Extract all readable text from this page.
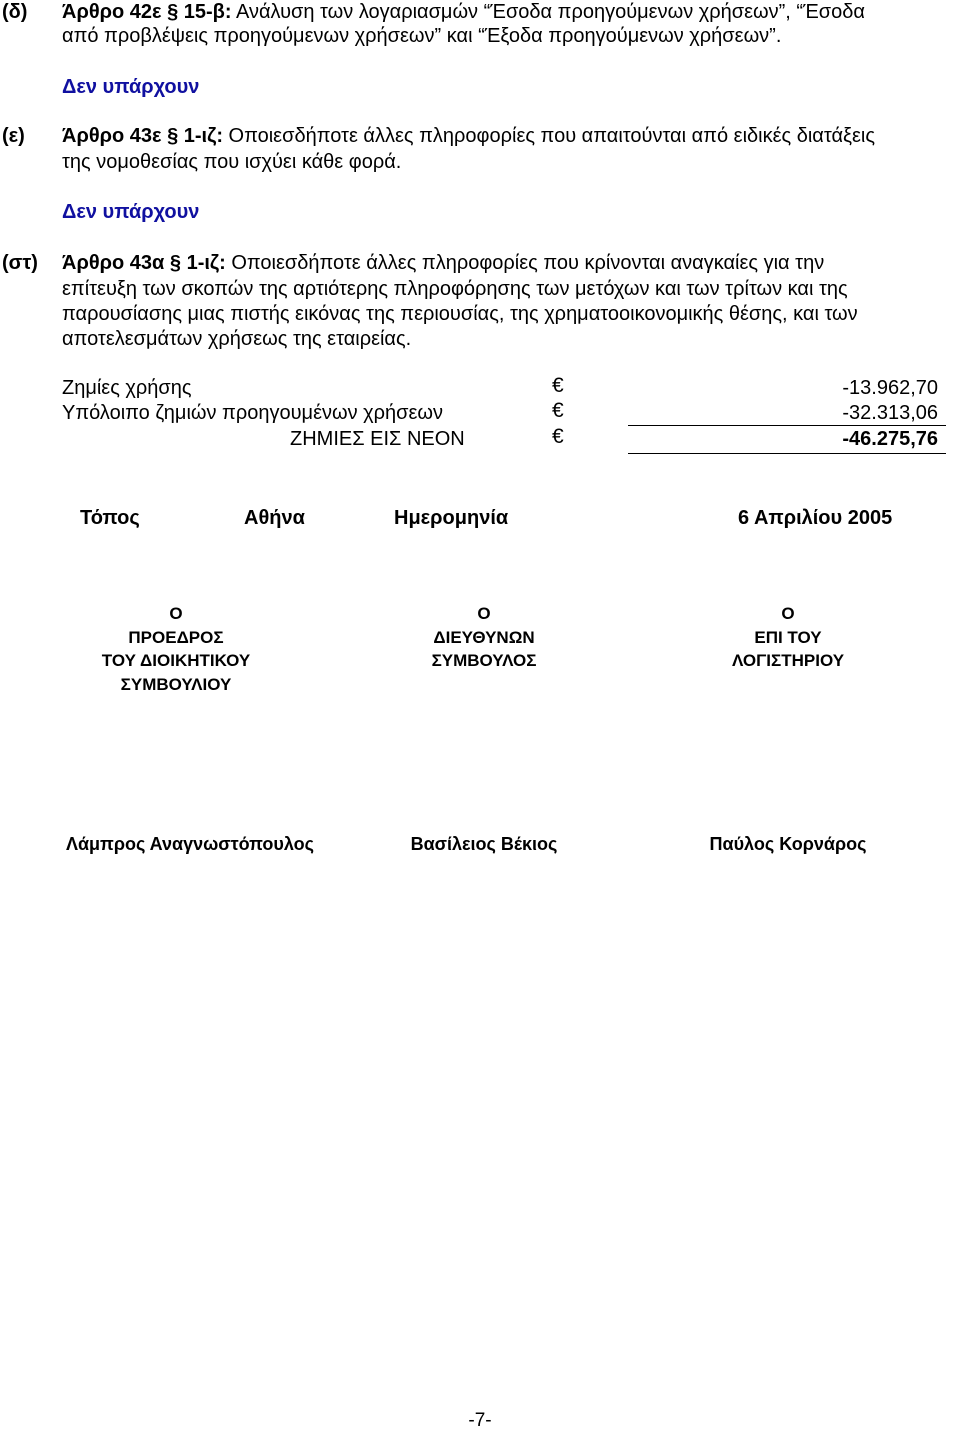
(δ) Άρθρο 42ε § 15-β: Ανάλυση των λογαριασμών “Έσοδα προηγούμενων χρήσεων”, “Έσοδα
από προβλέψεις προηγούμενων χρήσεων” και “Έξοδα προηγούμενων χρήσεων”.
Δεν υπάρχουν
(ε) Άρθρο 43ε § 1-ιζ: Οποιεσδήποτε άλλες πληροφορίες που απαιτούνται από ειδικές διατάξεις
της νομοθεσίας που ισχύει κάθε φορά.
Δεν υπάρχουν
(στ) Άρθρο 43α § 1-ιζ: Οποιεσδήποτε άλλες πληροφορίες που κρίνονται αναγκαίες για την
επίτευξη των σκοπών της αρτιότερης πληροφόρησης των μετόχων και των τρίτων και της
παρουσίασης μιας πιστής εικόνας της περιουσίας, της χρηματοοικονομικής θέσης, και των
αποτελεσμάτων χρήσεως της εταιρείας.
Ζημίες χρήσης	€	-13.962,70
Υπόλοιπο ζημιών προηγουμένων χρήσεων	€	-32.313,06
ΖΗΜΙΕΣ ΕΙΣ ΝΕΟΝ	€	-46.275,76
Τόπος	Αθήνα	Ημερομηνία	6 Απριλίου 2005
Ο
ΠΡΟΕΔΡΟΣ
ΤΟΥ ΔΙΟΙΚΗΤΙΚΟΥ
ΣΥΜΒΟΥΛΙΟΥ
Ο
ΔΙΕΥΘΥΝΩΝ
ΣΥΜΒΟΥΛΟΣ
Ο
ΕΠΙ ΤΟΥ
ΛΟΓΙΣΤΗΡΙΟΥ
Λάμπρος Αναγνωστόπουλος	Βασίλειος Βέκιος	Παύλος Κορνάρος
-7-
